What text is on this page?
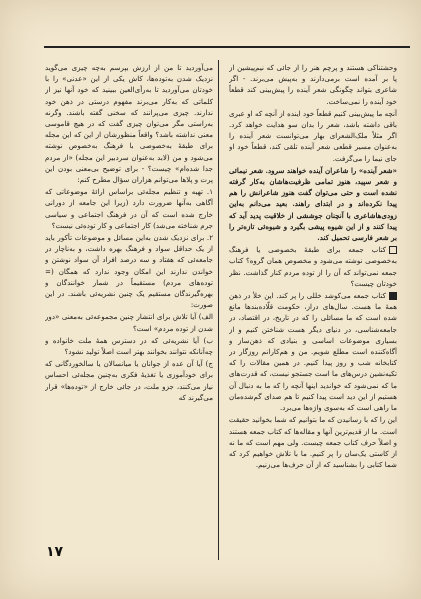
وحشتناکی هستند و پرچم هنر را از جائی که نیم‌پیشین از پا بر آمده است برمی‌دارند و به‌پیش می‌برند. - اگر شاعری بتواند چگونگی شعر آینده را پیش‌بینی کند قطعاً خود آینده را نمی‌ساخت.

آنچه ما پیش‌بینی کنیم قطعاً خود اینده از آنچه که او عبری باقی داشته باشد، شعر را بدان سو هدایت خواهد کرد. اگر مثلاً ملک‌الشعرای بهار می‌توانست شعر آینده را به‌عنوان مسیر قطعی شعر آینده تلقی کند، قطعاً خود او جای نیما را می‌گرفت.

«شعر آینده» را شاعران آینده خواهند سرود. شعر نیمائی و شعر سپید، هنوز تمامی ظرفیت‌هاشان به‌کار گرفته نشده است و حتی می‌توان گفت هنوز شاعرانش را هم پیدا نکرده‌اند و در ابتدای راهند. بعید می‌دانم به‌این زودی‌هاشاعری با آنچنان جوششی از خلاقیت پدید آید که پیدا کنند و از این شیوه پیشی بگیرد و شیوه‌ئی تازه‌تر را بر شعر فارسی تحمیل کند.

کتاب جمعه برای طبقهٔ بخصوصی یا فرهنگ به‌خصوصی نوشته می‌شود و مخصوص همان گروه؟ کتاب جمعه نمی‌تواند که آن را از توده مردم کنار گذاشت. نظر خودتان چیست؟

کتاب جمعه می‌کوشد خللی را پر کند. این خلأ در ذهن همهٔ ما هست. سال‌های دراز، حکومت قلّاده‌بند‌ها مانع شده است که ما مسائلی را که در تاریخ، در اقتصاد، در جامعه‌شناسی، در دنیای دیگر هست شناختن کنیم و از بسیاری موضوعات اساسی و بنیادی که ذهن‌ساز و آگاه‌کننده است مطلع شویم. من و هم‌کارانم روزگار در کتابخانه شب و روز پیدا کنیم. در همین مقالات را که تکیه‌نشین درس‌های ما است جستجو نیست، که قدرت‌های ما که نمی‌شود که خواندید اینها آنچه را که ما به دنبال آن هستیم از این دید است پیدا کنیم تا هم صدای گم‌شده‌مان ما راهی است که به‌سوی واژه‌ها می‌برد.

این را که با رسانیدن که ما بتوانیم که شما بخوانید حقیقت است. ما از قدیم‌ترین آنها و مقاله‌ها که کتاب جمعه هستند و اصلاً حرف کتاب جمعه چیست. ولی مهم است که ما نه از کاستی یک‌سان را پر کنیم. ما با تلاش خواهیم کرد که شما کتابی را بشناسید که از آن حرف‌ها می‌زنیم.

می‌آوردید تا من از ارزش بپرسم به‌چه چیزی می‌گوید نزدیک شدن به‌توده‌ها، کاش یکی از این «عدنی» را با خودتان می‌آوردید تا به‌رأی‌العین ببینید که خود آنها نیز از کلماتی که به‌کار می‌برند مفهوم درستی در ذهن خود ندارند. چیزی می‌پرانند که سخنی گفته باشند. وگرنه به‌راستی مگر می‌توان چیزی گفت که در هیچ قاموسی معنی نداشته باشد؟ واقعاً منظورشان از این که این مجله برای طبقهٔ به‌خصوصی با فرهنگ به‌خصوص نوشته می‌شود و من (لابد به‌عنوان سردبیر این مجله) «از مردم جدا شده‌ام» چیست؟ - برای توضیح بی‌معنی بودن این پرت و پلاها می‌توانم هزاران سؤال مطرح کنم:

۱. تهیه و تنظیم مجله‌ئی براساس ارائهٔ موضوعاتی که آگاهی به‌آنها ضرورت دارد (زیرا این جامعه از دورانی خارج شده است که آن در فرهنگ اجتماعی و سیاسی جرم شناخته می‌شد) کار اجتماعی و کار توده‌ئی نیست؟

۲. برای نزدیک شدن به‌این مسائل و موضوعات تأکور باید از یک حداقل سواد و فرهنگ بهره داشت، و به‌ناچار در جامعه‌ئی که هفتاد و سه درصد افراد آن سواد نوشتن و خواندن ندارند این امکان وجود ندارد که همگان (= توده‌های مردم) مستقیماً در شمار خوانندگان و بهره‌گیرندگان مستقیم یک چنین نشریه‌ئی باشند. در این صورت:

الف) آیا تلاش برای انتشار چنین مجموعه‌ئی به‌معنی «دور شدن از توده مردم» است؟

ب) آیا نشریه‌ئی که در دسترس همهٔ ملت خانواده و چه‌آنانکه نتوانند بخوانند بهتر است اصلاً تولید نشود؟

ج) آیا آن عده از جوانان یا میانسالان یا سالخوردگانی که برای خودآموزی یا تغذیهٔ فکری به‌چنین مجله‌ئی احساس نیاز می‌کنند، جزو ملت، در جائی خارج از «توده‌ها» قرار می‌گیرند که

۱۷
